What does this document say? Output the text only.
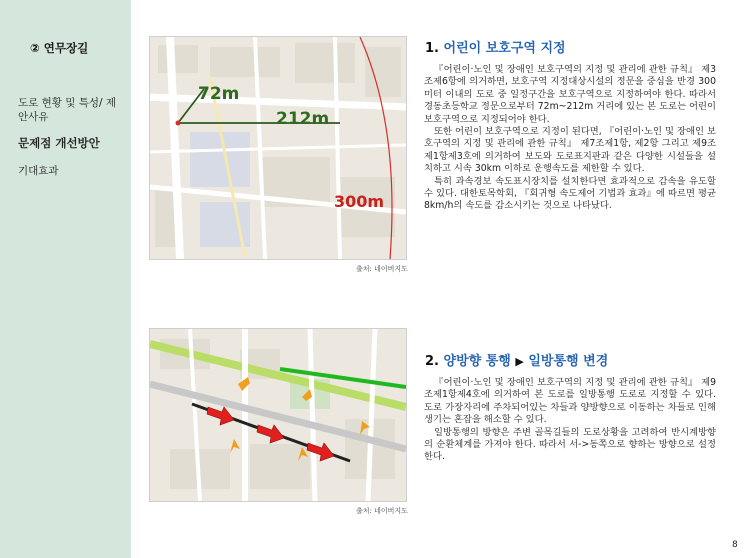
② 연무장길
도로 현황 및 특성/ 제안사유
문제점 개선방안
기대효과
72m
212m
300m
출처: 네이버지도
1. 어린이 보호구역 지정

『어린이·노인 및 장애인 보호구역의 지정 및 관리에 관한 규칙』 제3조제6항에 의거하면, 보호구역 지정대상시설의 정문을 중심을 반경 300미터 이내의 도로 중 일정구간을 보호구역으로 지정하여야 한다. 따라서 경동초등학교 정문으로부터 72m~212m 거리에 있는 본 도로는 어린이 보호구역으로 지정되어야 한다.

또한 어린이 보호구역으로 지정이 된다면, 『어린이·노인 및 장애인 보호구역의 지정 및 관리에 관한 규칙』 제7조제1항, 제2항 그리고 제9조제1항제3호에 의거하여 보도와 도로표지판과 같은 다양한 시설들을 설치하고 시속 30km 이하로 운행속도를 제한할 수 있다.

특히 과속경보 속도표시장치를 설치한다면 효과적으로 감속을 유도할 수 있다. 대한토목학회, 『회귀형 속도제어 기법과 효과』에 따르면 평균 8km/h의 속도를 감소시키는 것으로 나타났다.

출처: 네이버지도
2. 양방향 통행 ▶ 일방통행 변경

『어린이·노인 및 장애인 보호구역의 지정 및 관리에 관한 규칙』 제9조제1항제4호에 의거하여 본 도로를 일방통행 도로로 지정할 수 있다. 도로 가장자리에 주차되어있는 차들과 양방향으로 이동하는 차들로 인해 생기는 혼잡을 해소할 수 있다.

일방통행의 방향은 주변 골목길들의 도로상황을 고려하여 반시계방향의 순환체계를 가져야 한다. 따라서 서->동쪽으로 향하는 방향으로 설정한다.

8
